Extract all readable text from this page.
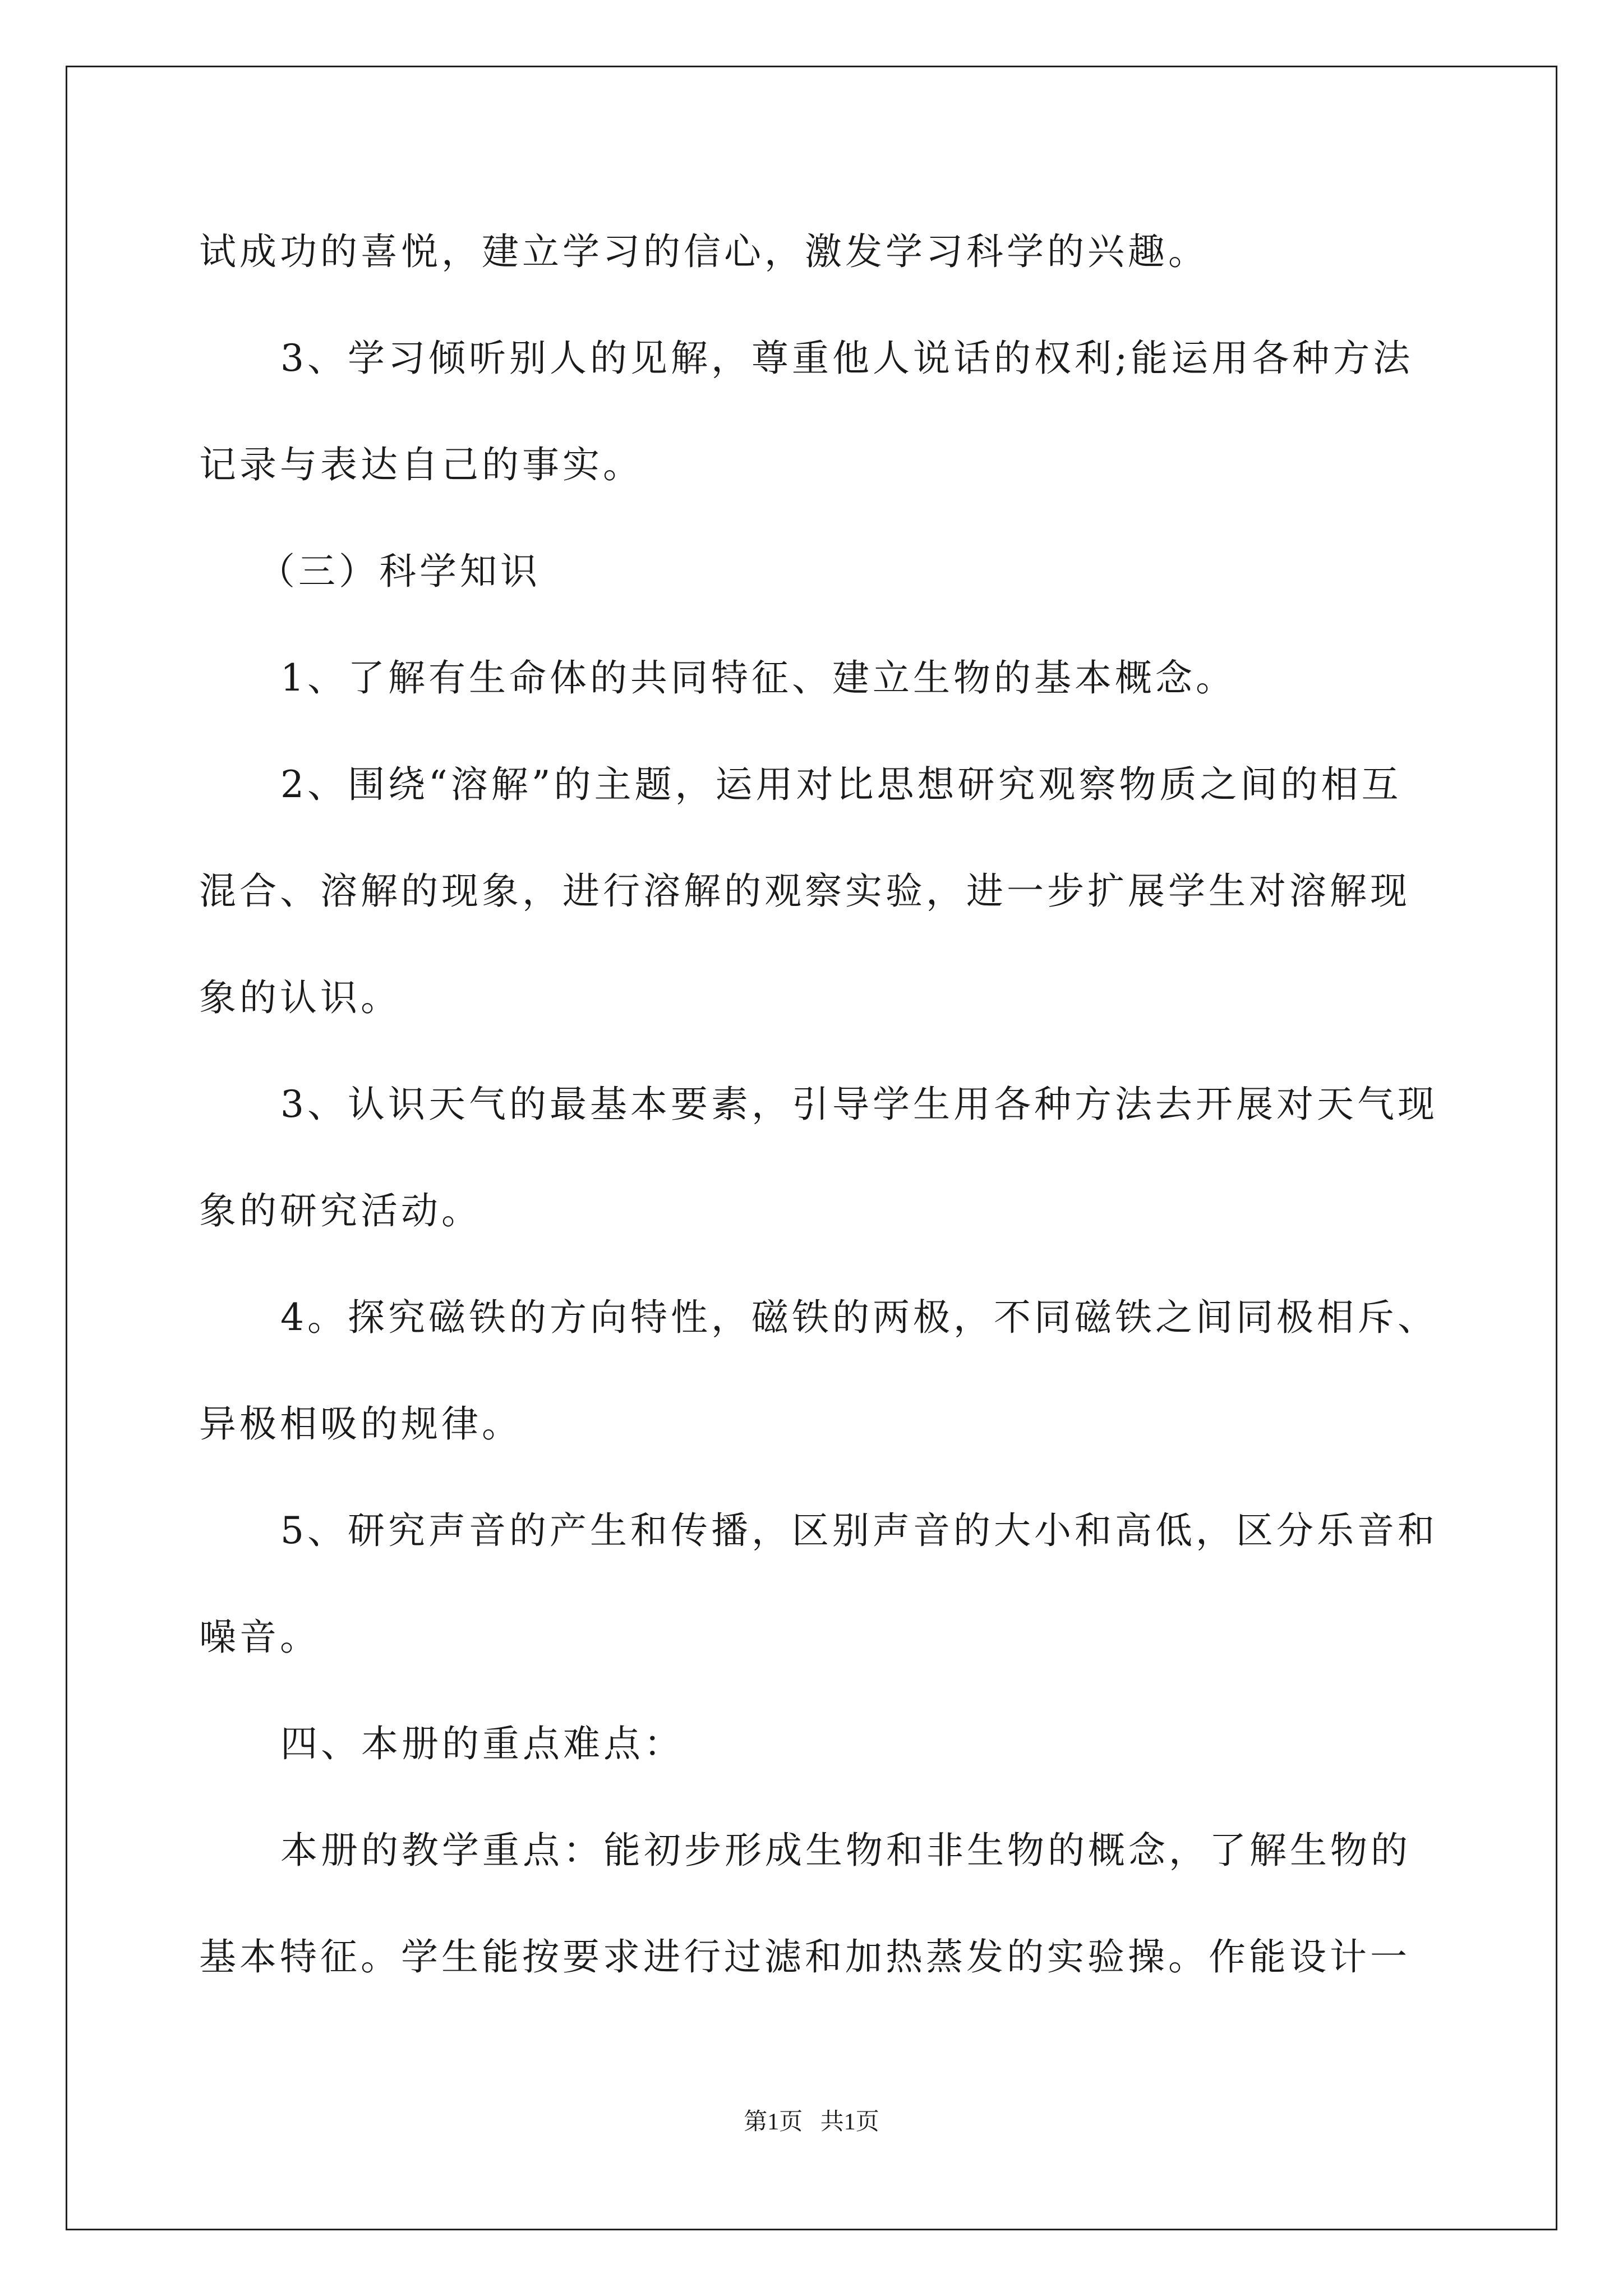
试成功的喜悦，建立学习的信心，激发学习科学的兴趣。
3、学习倾听别人的见解，尊重他人说话的权利;能运用各种方法
记录与表达自己的事实。
（三）科学知识
1、了解有生命体的共同特征、建立生物的基本概念。
2、围绕“溶解”的主题，运用对比思想研究观察物质之间的相互
混合、溶解的现象，进行溶解的观察实验，进一步扩展学生对溶解现
象的认识。
3、认识天气的最基本要素，引导学生用各种方法去开展对天气现
象的研究活动。
4。探究磁铁的方向特性，磁铁的两极，不同磁铁之间同极相斥、
异极相吸的规律。
5、研究声音的产生和传播，区别声音的大小和高低，区分乐音和
噪音。
四、本册的重点难点：
本册的教学重点：能初步形成生物和非生物的概念，了解生物的
基本特征。学生能按要求进行过滤和加热蒸发的实验操。作能设计一
第1页   共1页
